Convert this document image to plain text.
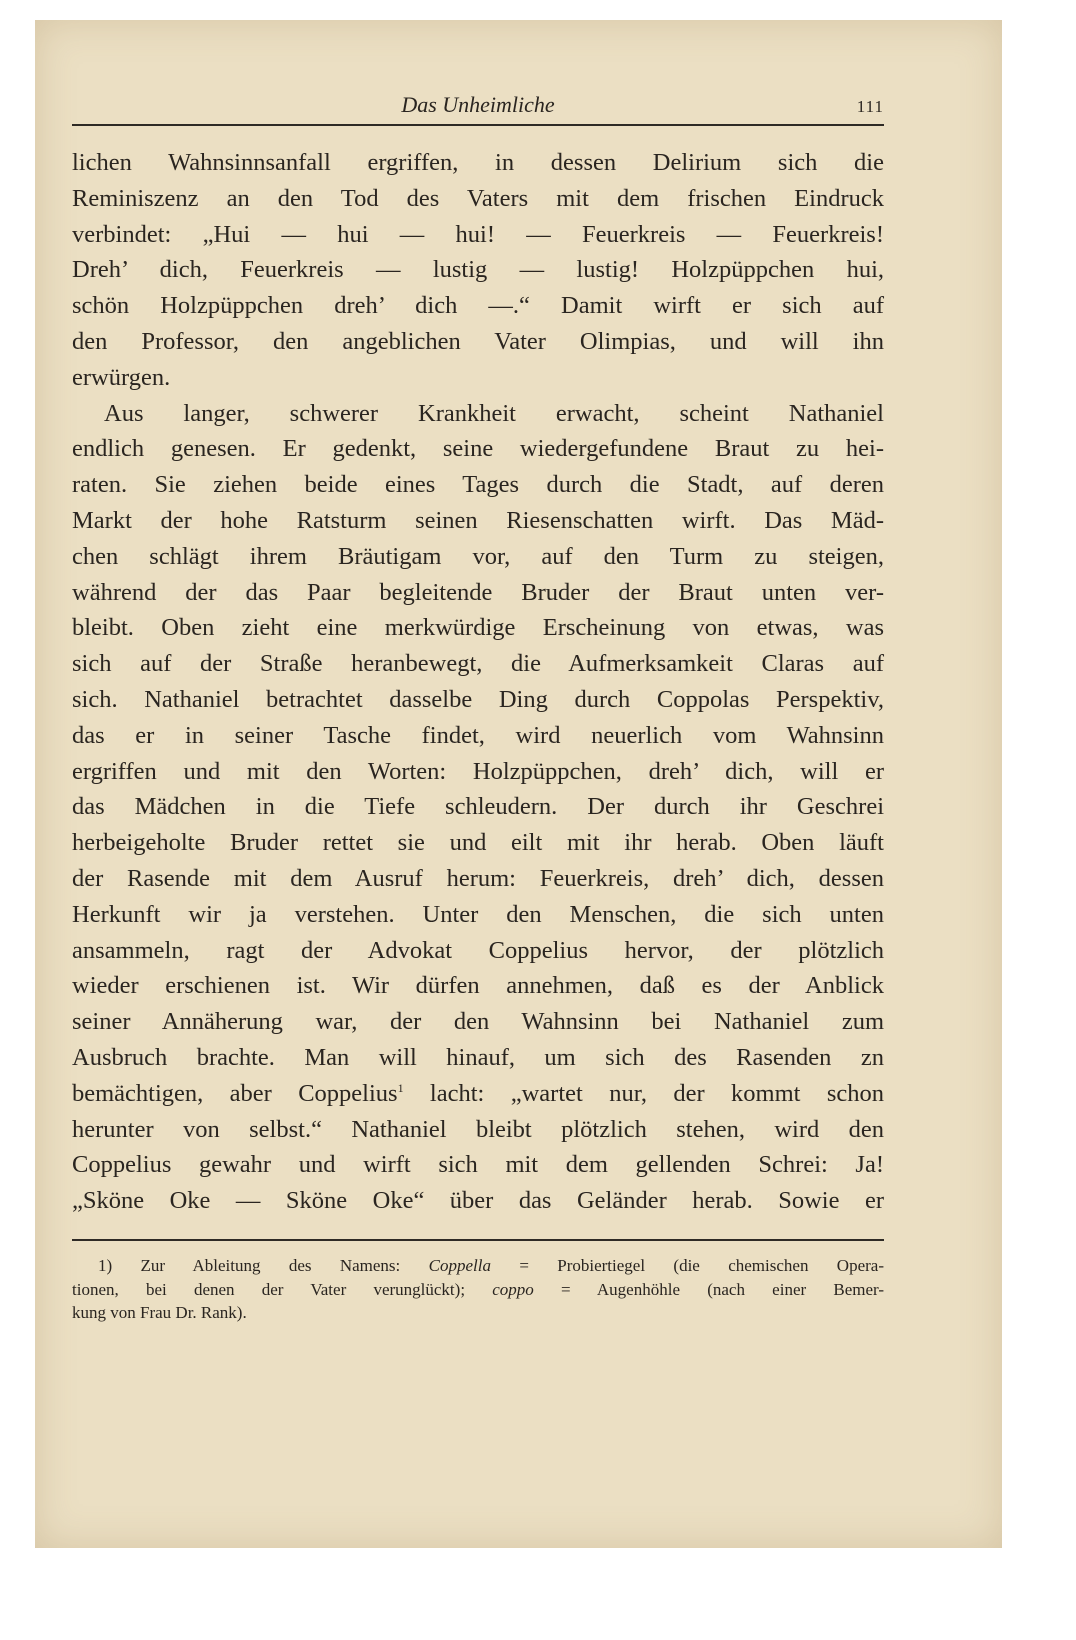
Das Unheimliche	111
lichen Wahnsinnsanfall ergriffen, in dessen Delirium sich die
Reminiszenz an den Tod des Vaters mit dem frischen Eindruck
verbindet: „Hui — hui — hui! — Feuerkreis — Feuerkreis!
Dreh’ dich, Feuerkreis — lustig — lustig! Holzpüppchen hui,
schön Holzpüppchen dreh’ dich —.“ Damit wirft er sich auf
den Professor, den angeblichen Vater Olimpias, und will ihn
erwürgen.
Aus langer, schwerer Krankheit erwacht, scheint Nathaniel
endlich genesen. Er gedenkt, seine wiedergefundene Braut zu hei-
raten. Sie ziehen beide eines Tages durch die Stadt, auf deren
Markt der hohe Ratsturm seinen Riesenschatten wirft. Das Mäd-
chen schlägt ihrem Bräutigam vor, auf den Turm zu steigen,
während der das Paar begleitende Bruder der Braut unten ver-
bleibt. Oben zieht eine merkwürdige Erscheinung von etwas, was
sich auf der Straße heranbewegt, die Aufmerksamkeit Claras auf
sich. Nathaniel betrachtet dasselbe Ding durch Coppolas Perspektiv,
das er in seiner Tasche findet, wird neuerlich vom Wahnsinn
ergriffen und mit den Worten: Holzpüppchen, dreh’ dich, will er
das Mädchen in die Tiefe schleudern. Der durch ihr Geschrei
herbeigeholte Bruder rettet sie und eilt mit ihr herab. Oben läuft
der Rasende mit dem Ausruf herum: Feuerkreis, dreh’ dich, dessen
Herkunft wir ja verstehen. Unter den Menschen, die sich unten
ansammeln, ragt der Advokat Coppelius hervor, der plötzlich
wieder erschienen ist. Wir dürfen annehmen, daß es der Anblick
seiner Annäherung war, der den Wahnsinn bei Nathaniel zum
Ausbruch brachte. Man will hinauf, um sich des Rasenden zn
bemächtigen, aber Coppelius$^1$ lacht: „wartet nur, der kommt schon
herunter von selbst.“ Nathaniel bleibt plötzlich stehen, wird den
Coppelius gewahr und wirft sich mit dem gellenden Schrei: Ja!
„Sköne Oke — Sköne Oke“ über das Geländer herab. Sowie er
1) Zur Ableitung des Namens: Coppella = Probiertiegel (die chemischen Opera-
tionen, bei denen der Vater verunglückt); coppo = Augenhöhle (nach einer Bemer-
kung von Frau Dr. Rank).
